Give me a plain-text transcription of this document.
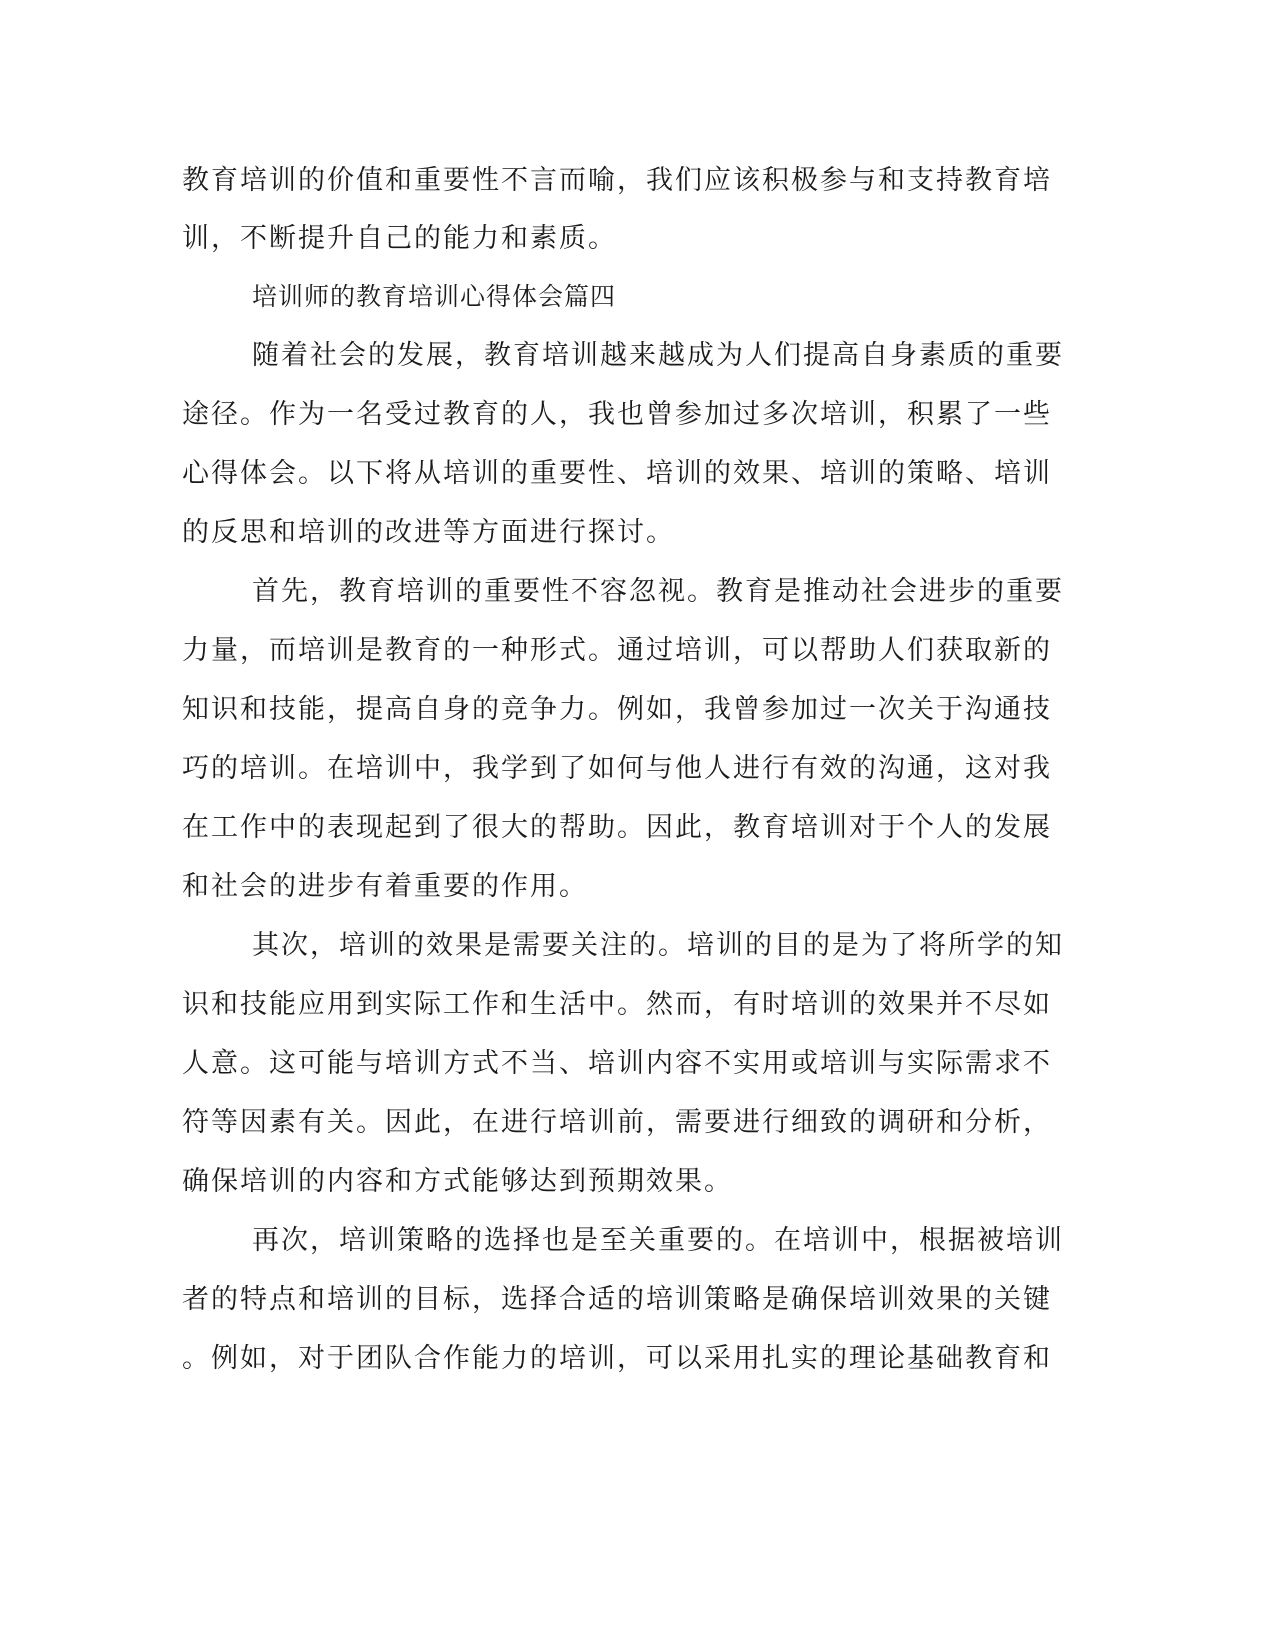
教育培训的价值和重要性不言而喻，我们应该积极参与和支持教育培
训，不断提升自己的能力和素质。
培训师的教育培训心得体会篇四
随着社会的发展，教育培训越来越成为人们提高自身素质的重要
途径。作为一名受过教育的人，我也曾参加过多次培训，积累了一些
心得体会。以下将从培训的重要性、培训的效果、培训的策略、培训
的反思和培训的改进等方面进行探讨。
首先，教育培训的重要性不容忽视。教育是推动社会进步的重要
力量，而培训是教育的一种形式。通过培训，可以帮助人们获取新的
知识和技能，提高自身的竞争力。例如，我曾参加过一次关于沟通技
巧的培训。在培训中，我学到了如何与他人进行有效的沟通，这对我
在工作中的表现起到了很大的帮助。因此，教育培训对于个人的发展
和社会的进步有着重要的作用。
其次，培训的效果是需要关注的。培训的目的是为了将所学的知
识和技能应用到实际工作和生活中。然而，有时培训的效果并不尽如
人意。这可能与培训方式不当、培训内容不实用或培训与实际需求不
符等因素有关。因此，在进行培训前，需要进行细致的调研和分析，
确保培训的内容和方式能够达到预期效果。
再次，培训策略的选择也是至关重要的。在培训中，根据被培训
者的特点和培训的目标，选择合适的培训策略是确保培训效果的关键
。例如，对于团队合作能力的培训，可以采用扎实的理论基础教育和
